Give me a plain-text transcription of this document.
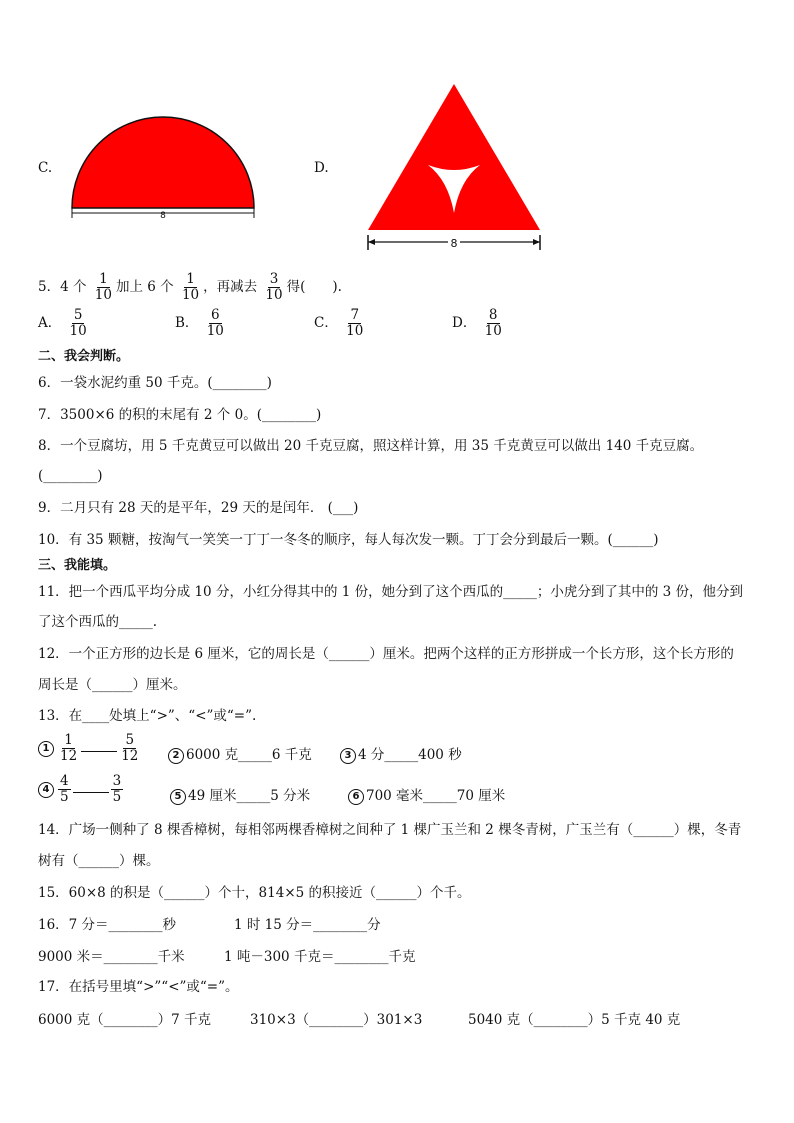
C.
8
D.
8
5．4 个 $\frac{1}{10}$ 加上 6 个 $\frac{1}{10}$ ，再减去 $\frac{3}{10}$ 得(　　).
A． $\frac{5}{10}$	B． $\frac{6}{10}$	C． $\frac{7}{10}$	D． $\frac{8}{10}$
二、我会判断。
6．一袋水泥约重 50 千克。(________)
7．3500×6 的积的末尾有 2 个 0。(________)
8．一个豆腐坊，用 5 千克黄豆可以做出 20 千克豆腐，照这样计算，用 35 千克黄豆可以做出 140 千克豆腐。
(________)
9．二月只有 28 天的是平年，29 天的是闰年． (___)
10．有 35 颗糖，按淘气一笑笑一丁丁一冬冬的顺序，每人每次发一颗。丁丁会分到最后一颗。(______)
三、我能填。
11．把一个西瓜平均分成 10 分，小红分得其中的 1 份，她分到了这个西瓜的_____；小虎分到了其中的 3 份，他分到
了这个西瓜的_____.
12．一个正方形的边长是 6 厘米，它的周长是（______）厘米。把两个这样的正方形拼成一个长方形，这个长方形的
周长是（______）厘米。
13．在____处填上“>”、“<”或“=”.
$1 \frac{1}{12}$	$\frac{5}{12}$	2 6000 克_____6 千克	3 4 分_____400 秒
$4 \frac{4}{5}$	$\frac{3}{5}$	5 49 厘米_____5 分米	6 700 毫米_____70 厘米
14．广场一侧种了 8 棵香樟树，每相邻两棵香樟树之间种了 1 棵广玉兰和 2 棵冬青树，广玉兰有（______）棵，冬青
树有（______）棵。
15．60×8 的积是（______）个十，814×5 的积接近（______）个千。
16．7 分＝________秒	1 时 15 分＝________分
9000 米＝________千米	1 吨－300 千克＝________千克
17．在括号里填“>”“<”或“=”。
6000 克（________）7 千克	310×3（________）301×3	5040 克（________）5 千克 40 克
